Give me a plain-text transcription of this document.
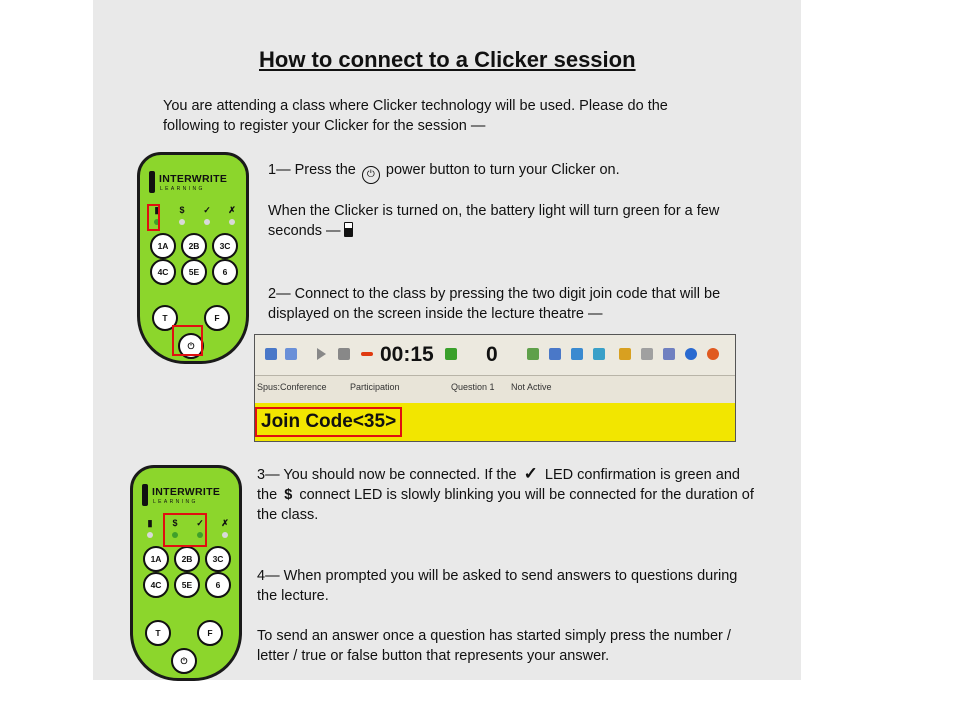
How to connect to a Clicker session
You are attending a class where Clicker technology will be used. Please do the following to register your Clicker for the session —
INTERWRITE
LEARNING
▮	$	✓	✗
1A	2B	3C
4C	5E	6
T	F
⏻
1— Press the ⏻ power button to turn your Clicker on.
When the Clicker is turned on, the battery light will turn green for a few seconds —
2— Connect to the class by pressing the two digit join code that will be displayed on the screen inside the lecture theatre —
00:15 0
Spus:Conference	Participation	Question 1 Not Active
Join Code<35>
INTERWRITE
LEARNING
▮	$	✓	✗
1A	2B	3C
4C	5E	6
T	F
⏻
3— You should now be connected. If the ✓ LED confirmation is green and the $ connect LED is slowly blinking you will be connected for the duration of the class.
4— When prompted you will be asked to send answers to questions during the lecture.
To send an answer once a question has started simply press the number / letter / true or false button that represents your answer.
